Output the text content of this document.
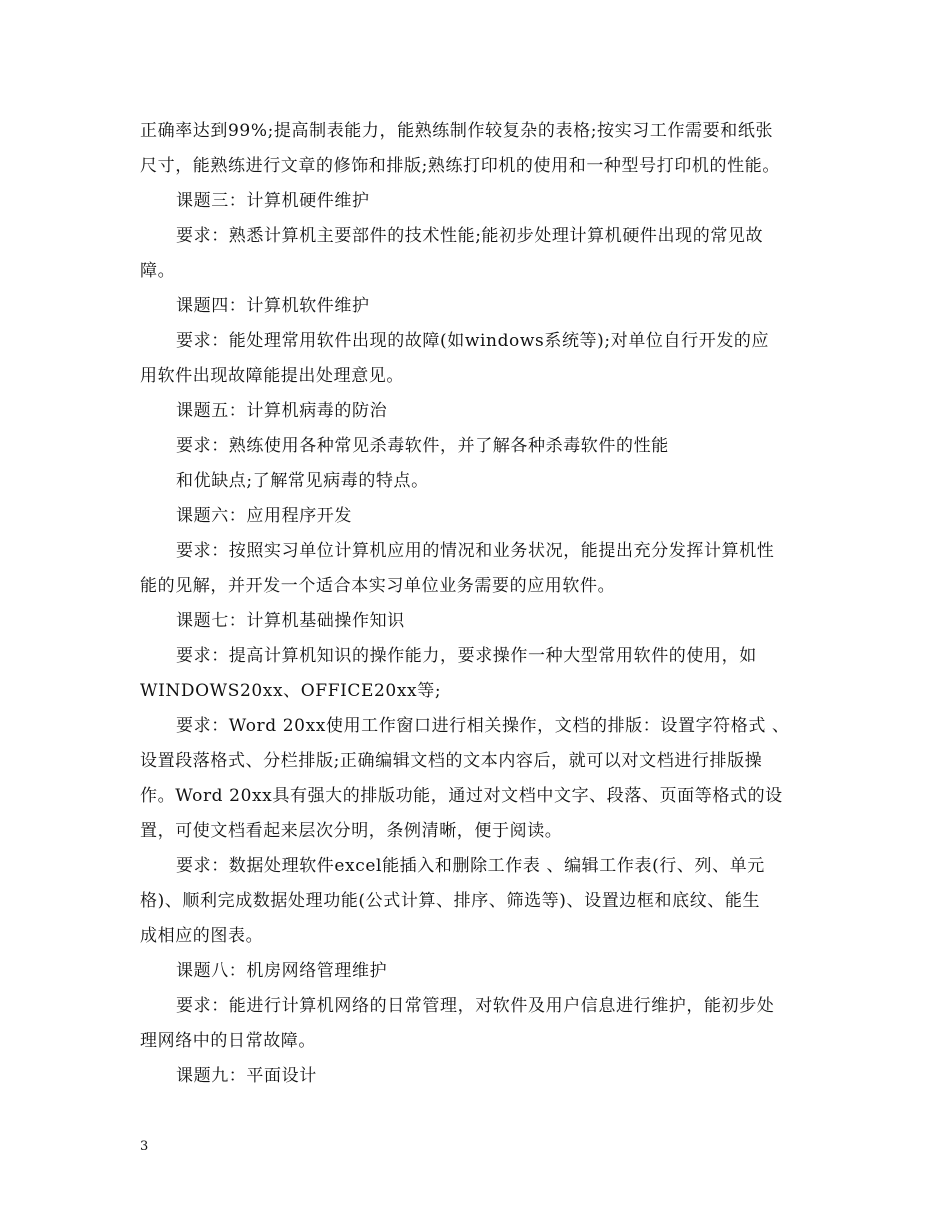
正确率达到99%;提高制表能力，能熟练制作较复杂的表格;按实习工作需要和纸张
尺寸，能熟练进行文章的修饰和排版;熟练打印机的使用和一种型号打印机的性能。
课题三：计算机硬件维护
要求：熟悉计算机主要部件的技术性能;能初步处理计算机硬件出现的常见故
障。
课题四：计算机软件维护
要求：能处理常用软件出现的故障(如windows系统等);对单位自行开发的应
用软件出现故障能提出处理意见。
课题五：计算机病毒的防治
要求：熟练使用各种常见杀毒软件，并了解各种杀毒软件的性能
和优缺点;了解常见病毒的特点。
课题六：应用程序开发
要求：按照实习单位计算机应用的情况和业务状况，能提出充分发挥计算机性
能的见解，并开发一个适合本实习单位业务需要的应用软件。
课题七：计算机基础操作知识
要求：提高计算机知识的操作能力，要求操作一种大型常用软件的使用，如
WINDOWS20xx、OFFICE20xx等;
要求：Word 20xx使用工作窗口进行相关操作，文档的排版：设置字符格式 、
设置段落格式、分栏排版;正确编辑文档的文本内容后，就可以对文档进行排版操
作。Word 20xx具有强大的排版功能，通过对文档中文字、段落、页面等格式的设
置，可使文档看起来层次分明，条例清晰，便于阅读。
要求：数据处理软件excel能插入和删除工作表 、编辑工作表(行、列、单元
格)、顺利完成数据处理功能(公式计算、排序、筛选等)、设置边框和底纹、能生
成相应的图表。
课题八：机房网络管理维护
要求：能进行计算机网络的日常管理，对软件及用户信息进行维护，能初步处
理网络中的日常故障。
课题九：平面设计
3
